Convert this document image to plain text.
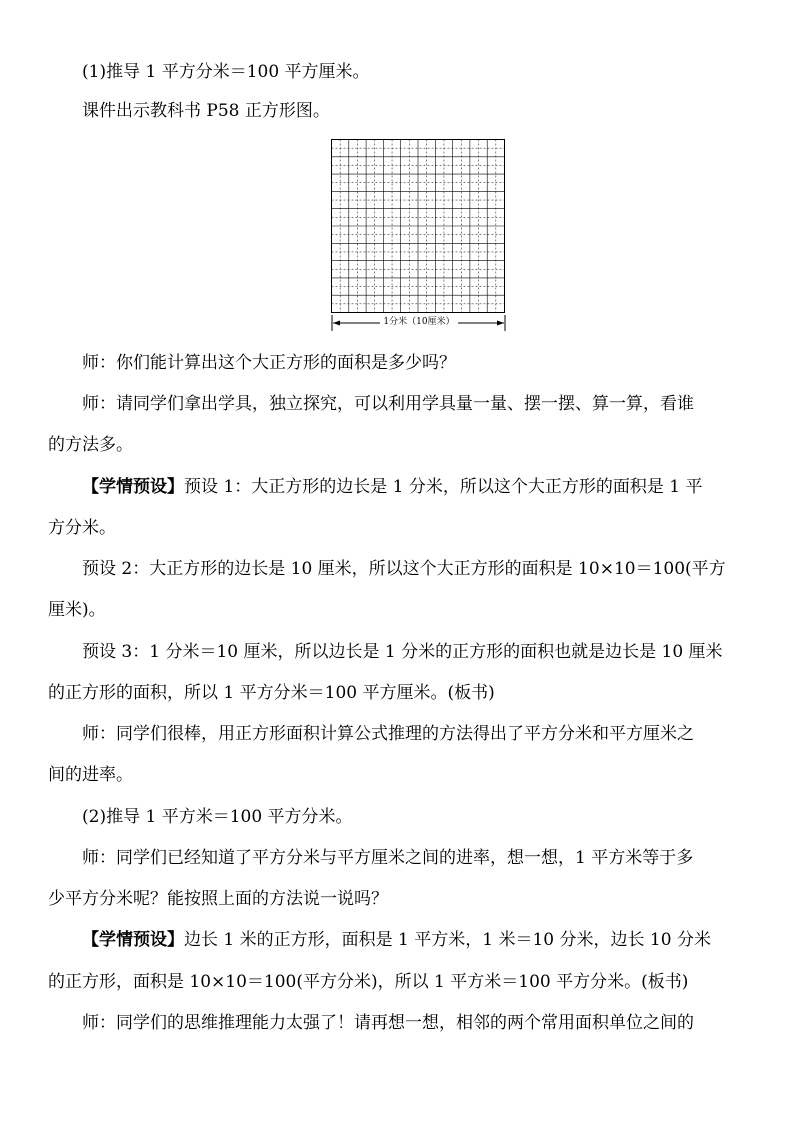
(1)推导 1 平方分米＝100 平方厘米。
课件出示教科书 P58 正方形图。
1分米（10厘米）
师：你们能计算出这个大正方形的面积是多少吗？
师：请同学们拿出学具，独立探究，可以利用学具量一量、摆一摆、算一算，看谁
的方法多。
【学情预设】预设 1：大正方形的边长是 1 分米，所以这个大正方形的面积是 1 平
方分米。
预设 2：大正方形的边长是 10 厘米，所以这个大正方形的面积是 10×10＝100(平方
厘米)。
预设 3：1 分米＝10 厘米，所以边长是 1 分米的正方形的面积也就是边长是 10 厘米
的正方形的面积，所以 1 平方分米＝100 平方厘米。(板书)
师：同学们很棒，用正方形面积计算公式推理的方法得出了平方分米和平方厘米之
间的进率。
(2)推导 1 平方米＝100 平方分米。
师：同学们已经知道了平方分米与平方厘米之间的进率，想一想，1 平方米等于多
少平方分米呢？能按照上面的方法说一说吗？
【学情预设】边长 1 米的正方形，面积是 1 平方米，1 米＝10 分米，边长 10 分米
的正方形，面积是 10×10＝100(平方分米)，所以 1 平方米＝100 平方分米。(板书)
师：同学们的思维推理能力太强了！请再想一想，相邻的两个常用面积单位之间的
